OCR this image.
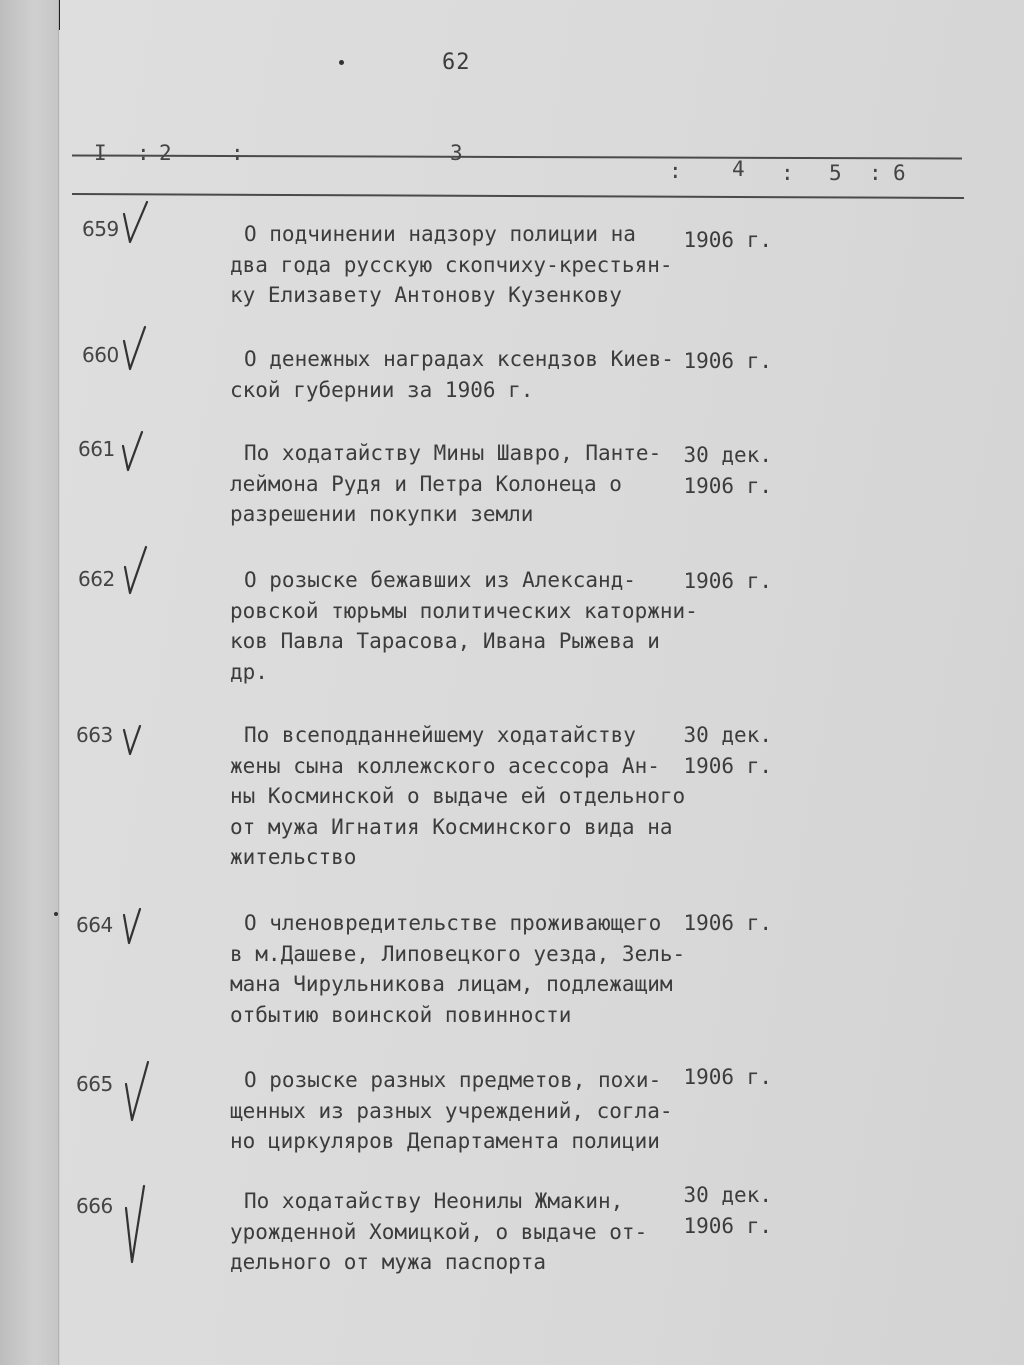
62
I : 2	:	3
: 4 : 5 : 6
659	О подчинении надзору полиции на
два года русскую скопчиху-крестьян-
ку Елизавету Антонову Кузенкову
1906 г.
660	О денежных наградах ксендзов Киев-
ской губернии за 1906 г.
1906 г.
661	По ходатайству Мины Шавро, Панте-
леймона Рудя и Петра Колонеца о
разрешении покупки земли
30 дек.
1906 г.
662	О розыске бежавших из Александ-
ровской тюрьмы политических каторжни-
ков Павла Тарасова, Ивана Рыжева и
др.
1906 г.
663	По всеподданнейшему ходатайству
жены сына коллежского асессора Ан-
ны Косминской о выдаче ей отдельного
от мужа Игнатия Косминского вида на
жительство
30 дек.
1906 г.
664	О членовредительстве проживающего
в м.Дашеве, Липовецкого уезда, Зель-
мана Чирульникова лицам, подлежащим
отбытию воинской повинности
1906 г.
665	О розыске разных предметов, похи-
щенных из разных учреждений, согла-
но циркуляров Департамента полиции
1906 г.
666	По ходатайству Неонилы Жмакин,
урожденной Хомицкой, о выдаче от-
дельного от мужа паспорта
30 дек.
1906 г.
